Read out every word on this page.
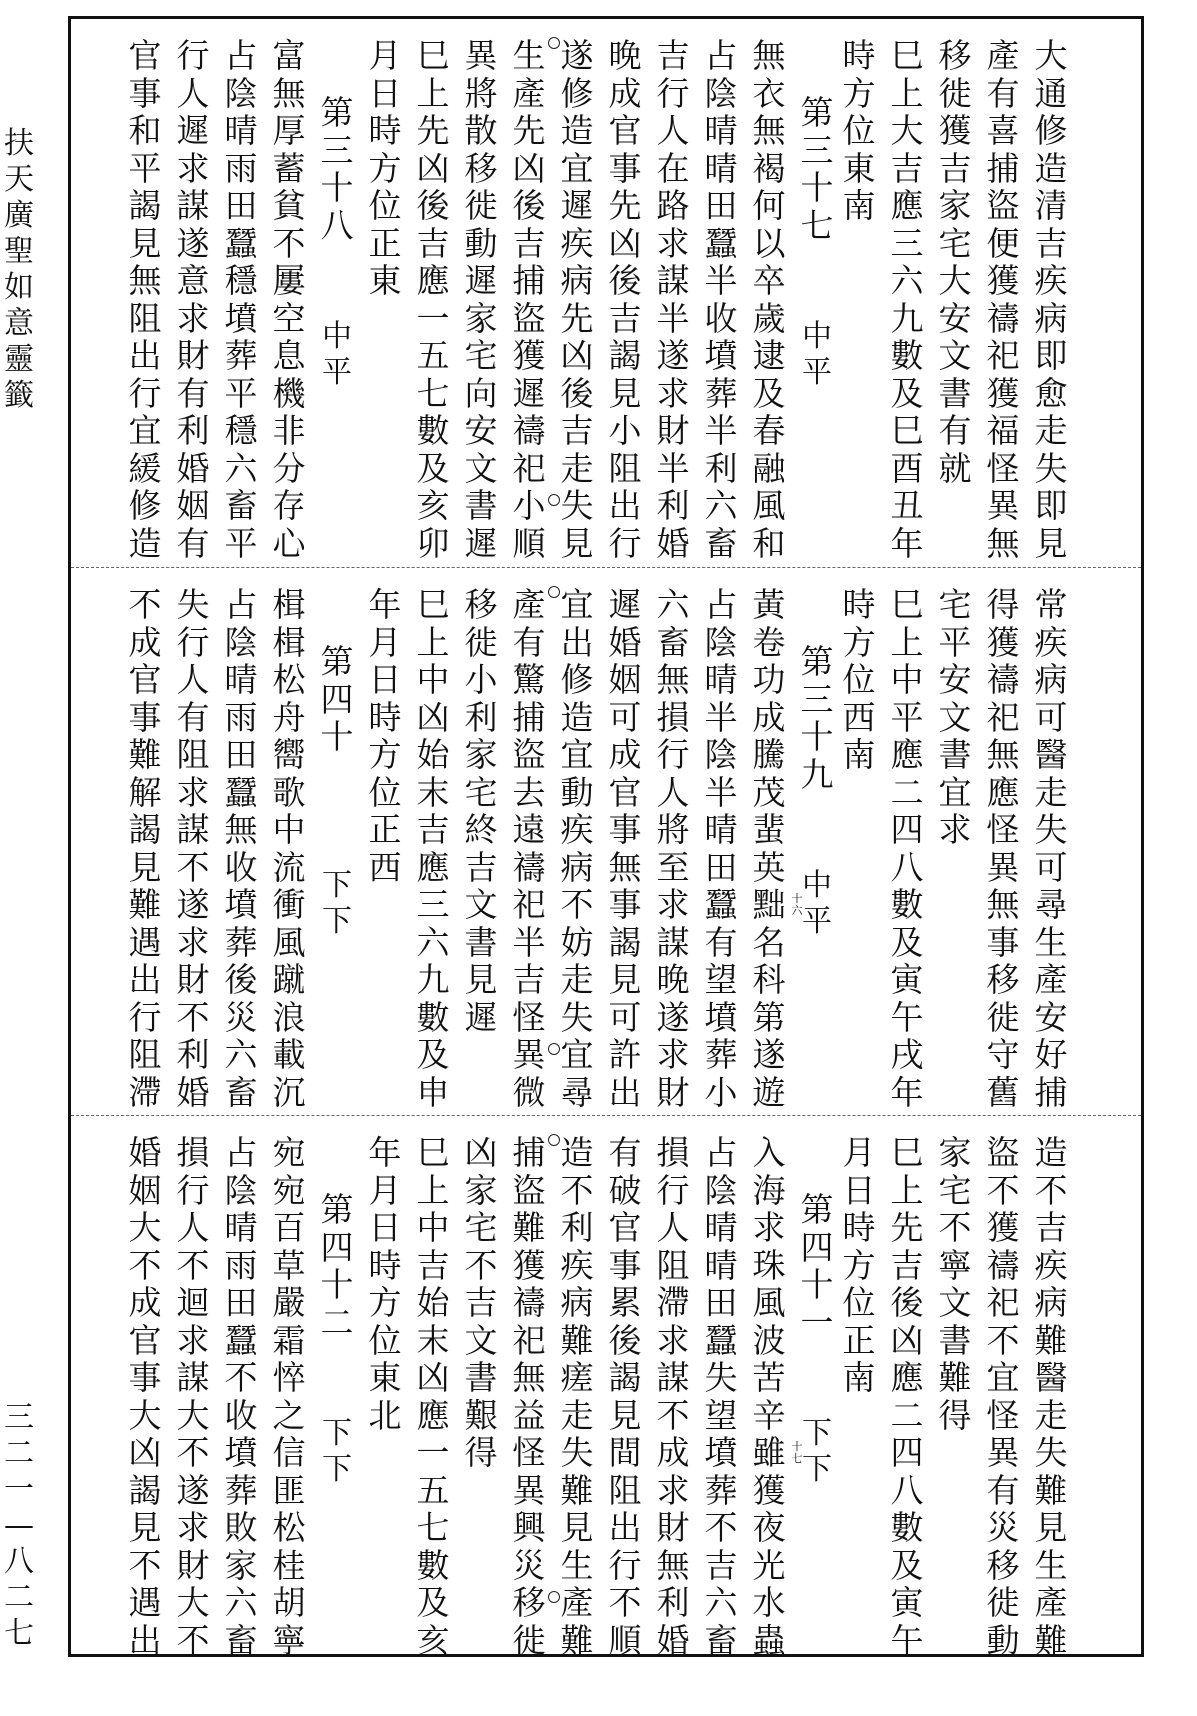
扶天廣聖如意靈籤
三二一—八二七
大通修造清吉疾病即愈走失即見
產有喜捕盜便獲禱祀獲福怪異無
移徙獲吉家宅大安文書有就
巳上大吉應三六九數及巳酉丑年
時方位東南
第三十七
無衣無褐 何以卒歲 逮及春融 風和
占陰晴晴田蠶半收墳葬半利六畜
吉行人在路求謀半遂求財半利婚
晚成官事先凶後吉謁見小阻出行
遂修造宜遲疾病先凶後吉走失見
生產先凶後吉捕盜獲遲禱祀小順
異將散移徙動遲家宅向安文書遲
巳上先凶後吉應一五七數及亥卯
月日時方位正東
第三十八
富無厚蓄 貧不屢空 息機非分 存心
占陰晴雨田蠶穩墳葬平穩六畜平
行人遲求謀遂意求財有利婚姻有
官事和平謁見無阻出行宜緩修造
中平
中平
常疾病可醫走失可尋生產安好捕
得獲禱祀無應怪異無事移徙守舊
宅平安文書宜求
巳上中平應二四八數及寅午戌年
時方位西南
第三十九
黃卷功成 騰茂蜚英 黜名科第 遂遊
占陰晴半陰半晴田蠶有望墳葬小
六畜無損行人將至求謀晚遂求財
遲婚姻可成官事無事謁見可許出
宜出修造宜動疾病不妨走失宜尋
產有驚捕盜去遠禱祀半吉怪異微
移徙小利家宅終吉文書見遲
巳上中凶始末吉應三六九數及申
年月日時方位正西
第四十
楫楫松舟 嚮歌中流 衝風蹴浪 載沉
占陰晴雨田蠶無收墳葬後災六畜
失行人有阻求謀不遂求財不利婚
不成官事難解謁見難遇出行阻滯
中平
下下
十六
造不吉疾病難醫走失難見生產難
盜不獲禱祀不宜怪異有災移徙動
家宅不寧文書難得
巳上先吉後凶應二四八數及寅午
月日時方位正南
第四十一
入海求珠 風波苦辛 雖獲夜光 水蟲
占陰晴晴田蠶失望墳葬不吉六畜
損行人阻滯求謀不成求財無利婚
有破官事累後謁見間阻出行不順
造不利疾病難瘥走失難見生產難
捕盜難獲禱祀無益怪異興災移徙
凶家宅不吉文書艱得
巳上中吉始末凶應一五七數及亥
年月日時方位東北
第四十二
宛宛百草 嚴霜悴之 信匪松桂 胡寧
占陰晴雨田蠶不收墳葬敗家六畜
損行人不迴求謀大不遂求財大不
婚姻大不成官事大凶謁見不遇出
下下
下下
十七
